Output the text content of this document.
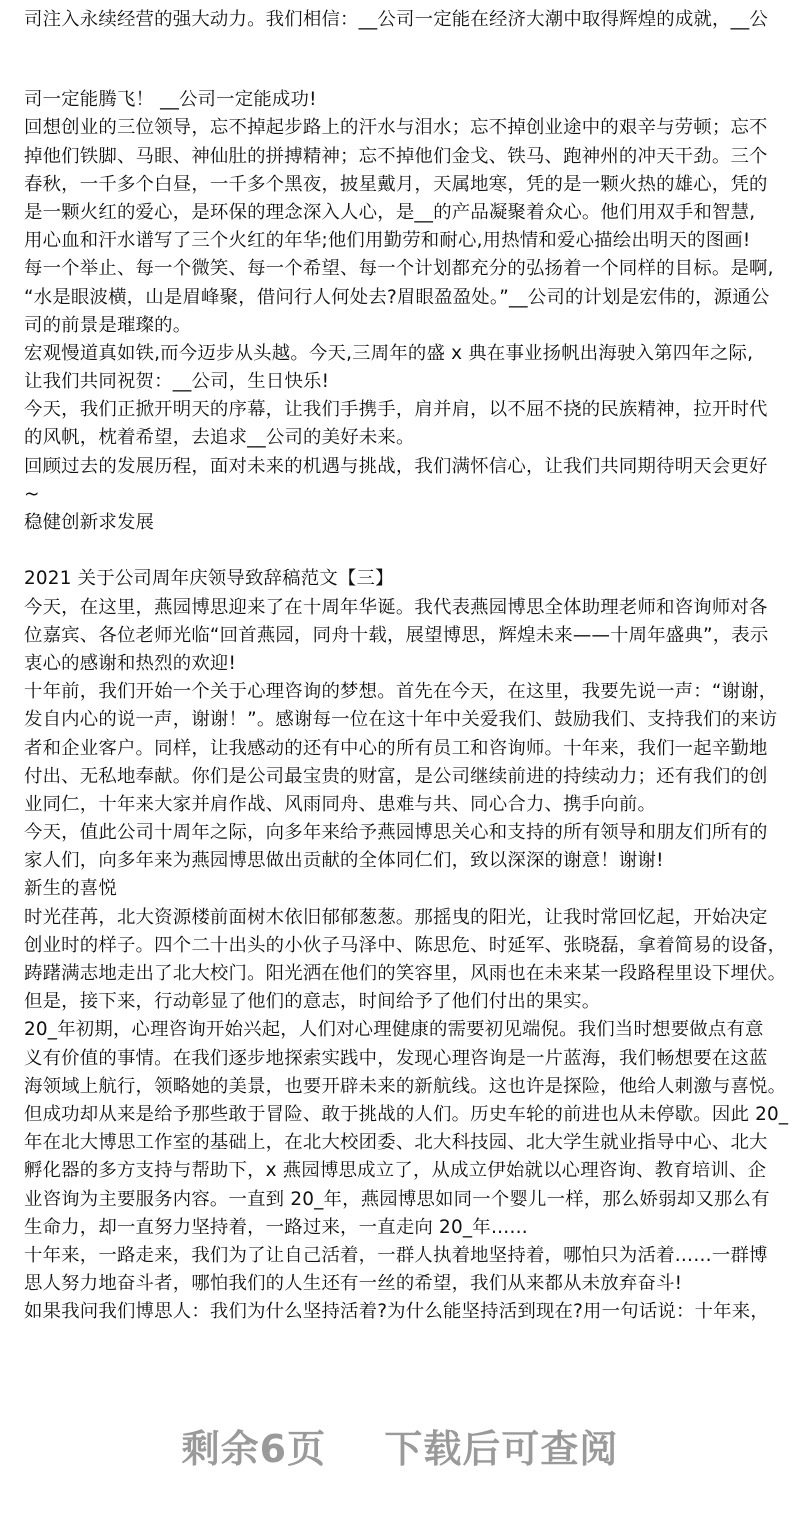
司注入永续经营的强大动力。我们相信：__公司一定能在经济大潮中取得辉煌的成就，__公
司一定能腾飞！ __公司一定能成功!
回想创业的三位领导，忘不掉起步路上的汗水与泪水；忘不掉创业途中的艰辛与劳顿；忘不
掉他们铁脚、马眼、神仙肚的拼搏精神；忘不掉他们金戈、铁马、跑神州的冲天干劲。三个
春秋，一千多个白昼，一千多个黑夜，披星戴月，天属地寒，凭的是一颗火热的雄心，凭的
是一颗火红的爱心，是环保的理念深入人心，是__的产品凝聚着众心。他们用双手和智慧,
用心血和汗水谱写了三个火红的年华;他们用勤劳和耐心,用热情和爱心描绘出明天的图画!
每一个举止、每一个微笑、每一个希望、每一个计划都充分的弘扬着一个同样的目标。是啊,
“水是眼波横，山是眉峰聚，借问行人何处去?眉眼盈盈处。”__公司的计划是宏伟的，源通公
司的前景是璀璨的。
宏观慢道真如铁,而今迈步从头越。今天,三周年的盛 x 典在事业扬帆出海驶入第四年之际,
让我们共同祝贺：__公司，生日快乐!
今天，我们正掀开明天的序幕，让我们手携手，肩并肩，以不屈不挠的民族精神，拉开时代
的风帆，枕着希望，去追求__公司的美好未来。
回顾过去的发展历程，面对未来的机遇与挑战，我们满怀信心，让我们共同期待明天会更好
~
稳健创新求发展
2021 关于公司周年庆领导致辞稿范文【三】
今天，在这里，燕园博思迎来了在十周年华诞。我代表燕园博思全体助理老师和咨询师对各
位嘉宾、各位老师光临“回首燕园，同舟十载，展望博思，辉煌未来——十周年盛典”，表示
衷心的感谢和热烈的欢迎!
十年前，我们开始一个关于心理咨询的梦想。首先在今天，在这里，我要先说一声：“谢谢，
发自内心的说一声，谢谢！”。感谢每一位在这十年中关爱我们、鼓励我们、支持我们的来访
者和企业客户。同样，让我感动的还有中心的所有员工和咨询师。十年来，我们一起辛勤地
付出、无私地奉献。你们是公司最宝贵的财富，是公司继续前进的持续动力；还有我们的创
业同仁，十年来大家并肩作战、风雨同舟、患难与共、同心合力、携手向前。
今天，值此公司十周年之际，向多年来给予燕园博思关心和支持的所有领导和朋友们所有的
家人们，向多年来为燕园博思做出贡献的全体同仁们，致以深深的谢意！谢谢!
新生的喜悦
时光荏苒，北大资源楼前面树木依旧郁郁葱葱。那摇曳的阳光，让我时常回忆起，开始决定
创业时的样子。四个二十出头的小伙子马泽中、陈思危、时延军、张晓磊，拿着简易的设备，
踌躇满志地走出了北大校门。阳光洒在他们的笑容里，风雨也在未来某一段路程里设下埋伏。
但是，接下来，行动彰显了他们的意志，时间给予了他们付出的果实。
20_年初期，心理咨询开始兴起，人们对心理健康的需要初见端倪。我们当时想要做点有意
义有价值的事情。在我们逐步地探索实践中，发现心理咨询是一片蓝海，我们畅想要在这蓝
海领域上航行，领略她的美景，也要开辟未来的新航线。这也许是探险，他给人刺激与喜悦。
但成功却从来是给予那些敢于冒险、敢于挑战的人们。历史车轮的前进也从未停歇。因此 20_
年在北大博思工作室的基础上，在北大校团委、北大科技园、北大学生就业指导中心、北大
孵化器的多方支持与帮助下，x 燕园博思成立了，从成立伊始就以心理咨询、教育培训、企
业咨询为主要服务内容。一直到 20_年，燕园博思如同一个婴儿一样，那么娇弱却又那么有
生命力，却一直努力坚持着，一路过来，一直走向 20_年……
十年来，一路走来，我们为了让自己活着，一群人执着地坚持着，哪怕只为活着……一群博
思人努力地奋斗者，哪怕我们的人生还有一丝的希望，我们从来都从未放弃奋斗!
如果我问我们博思人：我们为什么坚持活着?为什么能坚持活到现在?用一句话说：十年来，
剩余6页 下载后可查阅
